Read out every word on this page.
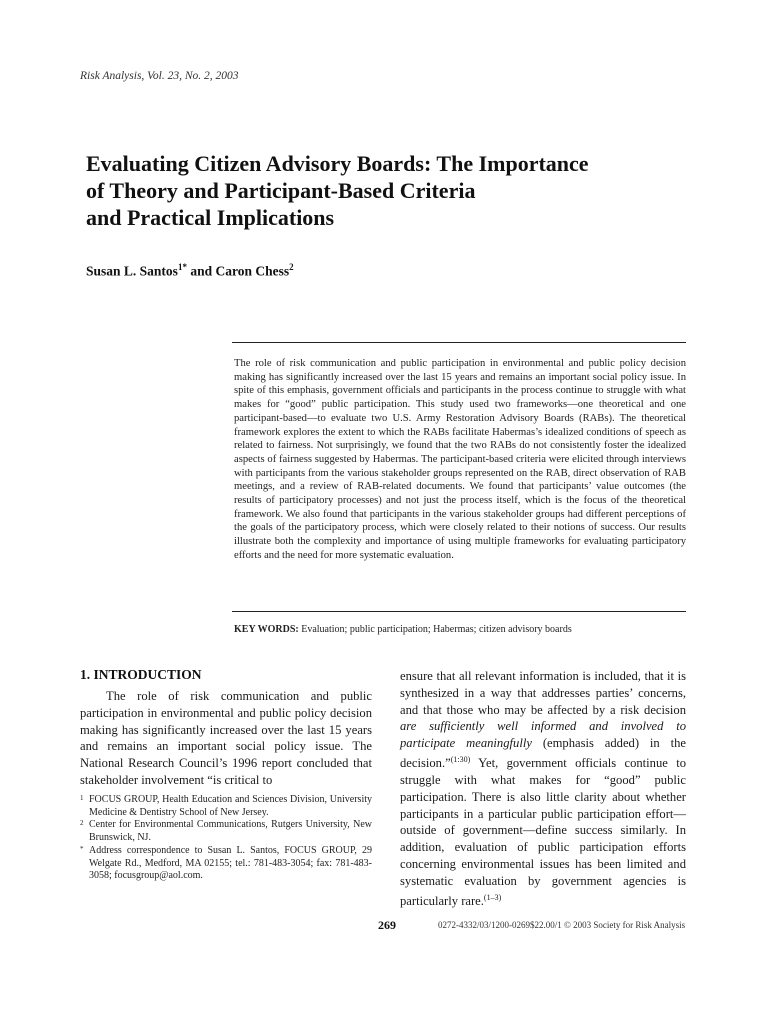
Risk Analysis, Vol. 23, No. 2, 2003
Evaluating Citizen Advisory Boards: The Importance
of Theory and Participant-Based Criteria
and Practical Implications
Susan L. Santos$^{1*}$ and Caron Chess$^2$
The role of risk communication and public participation in environmental and public policy decision making has significantly increased over the last 15 years and remains an important social policy issue. In spite of this emphasis, government officials and participants in the process continue to struggle with what makes for “good” public participation. This study used two frameworks—one theoretical and one participant-based—to evaluate two U.S. Army Restoration Advisory Boards (RABs). The theoretical framework explores the extent to which the RABs facilitate Habermas’s idealized conditions of speech as related to fairness. Not surprisingly, we found that the two RABs do not consistently foster the idealized aspects of fairness suggested by Habermas. The participant-based criteria were elicited through interviews with participants from the various stakeholder groups represented on the RAB, direct observation of RAB meetings, and a review of RAB-related documents. We found that participants’ value outcomes (the results of participatory processes) and not just the process itself, which is the focus of the theoretical framework. We also found that participants in the various stakeholder groups had different perceptions of the goals of the participatory process, which were closely related to their notions of success. Our results illustrate both the complexity and importance of using multiple frameworks for evaluating participatory efforts and the need for more systematic evaluation.
KEY WORDS: Evaluation; public participation; Habermas; citizen advisory boards
1. INTRODUCTION

The role of risk communication and public participation in environmental and public policy decision making has significantly increased over the last 15 years and remains an important social policy issue. The National Research Council’s 1996 report concluded that stakeholder involvement “is critical to

ensure that all relevant information is included, that it is synthesized in a way that addresses parties’ concerns, and that those who may be affected by a risk decision are sufficiently well informed and involved to participate meaningfully (emphasis added) in the decision.”$^{(1:30)}$ Yet, government officials continue to struggle with what makes for “good” public participation. There is also little clarity about whether participants in a particular public participation effort—outside of government—define success similarly. In addition, evaluation of public participation efforts concerning environmental issues has been limited and systematic evaluation by government agencies is particularly rare.$^{(1-3)}$

1 FOCUS GROUP, Health Education and Sciences Division, University Medicine & Dentistry School of New Jersey.
2 Center for Environmental Communications, Rutgers University, New Brunswick, NJ.
* Address correspondence to Susan L. Santos, FOCUS GROUP, 29 Welgate Rd., Medford, MA 02155; tel.: 781-483-3054; fax: 781-483-3058; focusgroup@aol.com.
269	0272-4332/03/1200-0269$22.00/1 © 2003 Society for Risk Analysis
